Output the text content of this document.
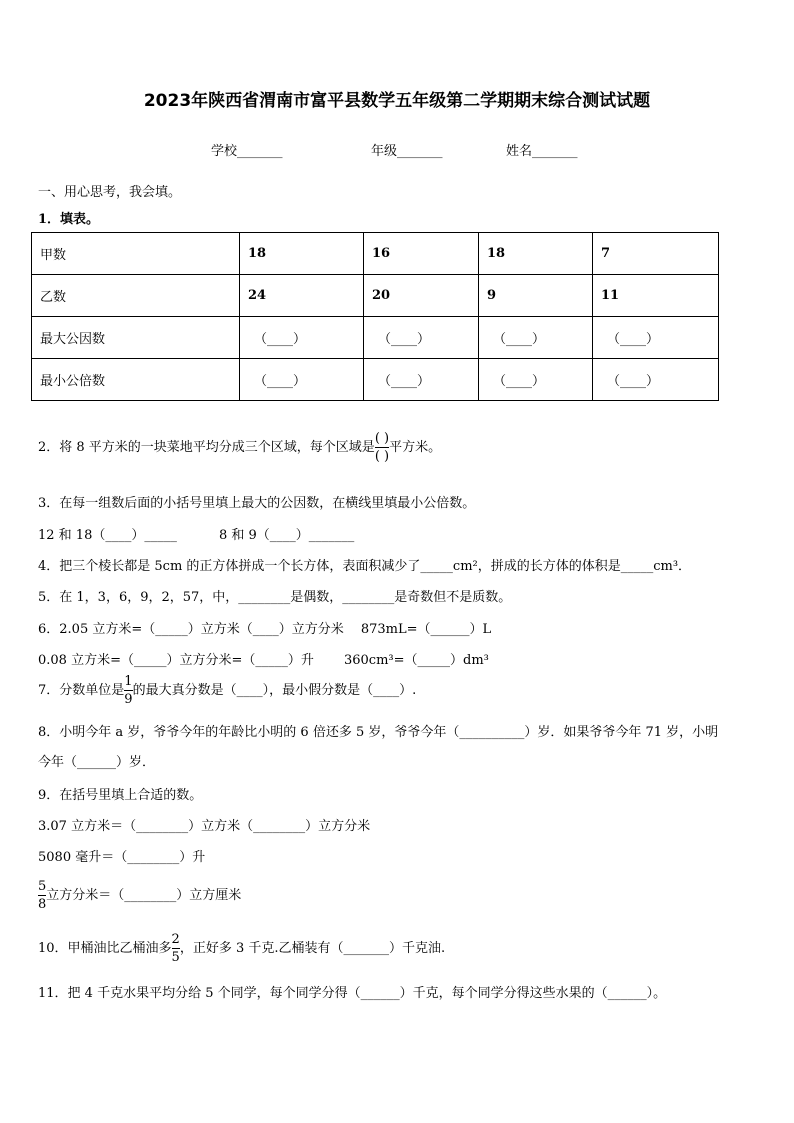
2023年陕西省渭南市富平县数学五年级第二学期期末综合测试试题
学校_______	年级_______	姓名_______
一、用心思考，我会填。
1．填表。
甲数	18	16	18	7
乙数	24	20	9	11
最大公因数	（____）	（____）	（____）	（____）
最小公倍数	（____）	（____）	（____）	（____）
2．将 8 平方米的一块菜地平均分成三个区域，每个区域是 $\frac{( )}{( )}$ 平方米。
3．在每一组数后面的小括号里填上最大的公因数，在横线里填最小公倍数。
12 和 18（____）_____	8 和 9（____）_______
4．把三个棱长都是 5cm 的正方体拼成一个长方体，表面积减少了_____cm²，拼成的长方体的体积是_____cm³．
5．在 1，3，6，9，2，57，中，________是偶数，________是奇数但不是质数。
6．2.05 立方米=（_____）立方米（____）立方分米　 873mL=（______）L
0.08 立方米=（_____）立方分米=（_____）升　　 360cm³=（_____）dm³
7．分数单位是 $\frac{1}{9}$ 的最大真分数是（____），最小假分数是（____）.
8．小明今年 a 岁，爷爷今年的年龄比小明的 6 倍还多 5 岁，爷爷今年（__________）岁．如果爷爷今年 71 岁，小明
今年（______）岁．
9．在括号里填上合适的数。
3.07 立方米＝（________）立方米（________）立方分米
5080 毫升＝（________）升
$\frac{5}{8}$ 立方分米＝（________）立方厘米
10．甲桶油比乙桶油多 $\frac{2}{5}$ ，正好多 3 千克.乙桶装有（_______）千克油.
11．把 4 千克水果平均分给 5 个同学，每个同学分得（______）千克，每个同学分得这些水果的（______）。
